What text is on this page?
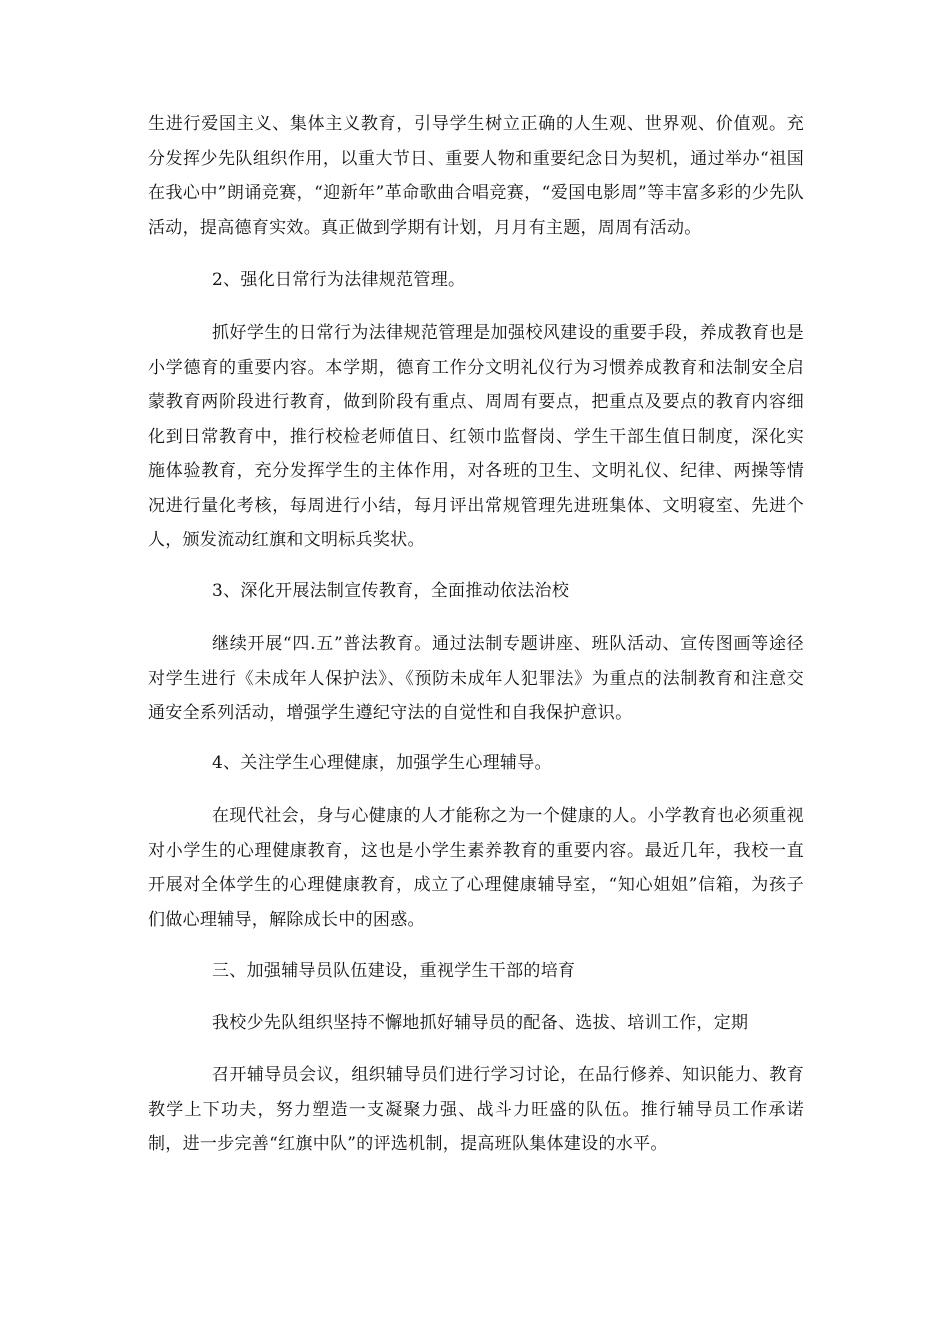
生进行爱国主义、集体主义教育，引导学生树立正确的人生观、世界观、价值观。充分发挥少先队组织作用，以重大节日、重要人物和重要纪念日为契机，通过举办“祖国在我心中”朗诵竞赛，“迎新年”革命歌曲合唱竞赛，“爱国电影周”等丰富多彩的少先队活动，提高德育实效。真正做到学期有计划，月月有主题，周周有活动。

2、强化日常行为法律规范管理。

抓好学生的日常行为法律规范管理是加强校风建设的重要手段，养成教育也是小学德育的重要内容。本学期，德育工作分文明礼仪行为习惯养成教育和法制安全启蒙教育两阶段进行教育，做到阶段有重点、周周有要点，把重点及要点的教育内容细化到日常教育中，推行校检老师值日、红领巾监督岗、学生干部生值日制度，深化实施体验教育，充分发挥学生的主体作用，对各班的卫生、文明礼仪、纪律、两操等情况进行量化考核，每周进行小结，每月评出常规管理先进班集体、文明寝室、先进个人，颁发流动红旗和文明标兵奖状。

3、深化开展法制宣传教育，全面推动依法治校

继续开展“四.五”普法教育。通过法制专题讲座、班队活动、宣传图画等途径对学生进行《未成年人保护法》、《预防未成年人犯罪法》为重点的法制教育和注意交通安全系列活动，增强学生遵纪守法的自觉性和自我保护意识。

4、关注学生心理健康，加强学生心理辅导。

在现代社会，身与心健康的人才能称之为一个健康的人。小学教育也必须重视对小学生的心理健康教育，这也是小学生素养教育的重要内容。最近几年，我校一直开展对全体学生的心理健康教育，成立了心理健康辅导室，“知心姐姐”信箱，为孩子们做心理辅导，解除成长中的困惑。

三、加强辅导员队伍建设，重视学生干部的培育

我校少先队组织坚持不懈地抓好辅导员的配备、选拔、培训工作，定期

召开辅导员会议，组织辅导员们进行学习讨论，在品行修养、知识能力、教育教学上下功夫，努力塑造一支凝聚力强、战斗力旺盛的队伍。推行辅导员工作承诺制，进一步完善“红旗中队”的评选机制，提高班队集体建设的水平。
